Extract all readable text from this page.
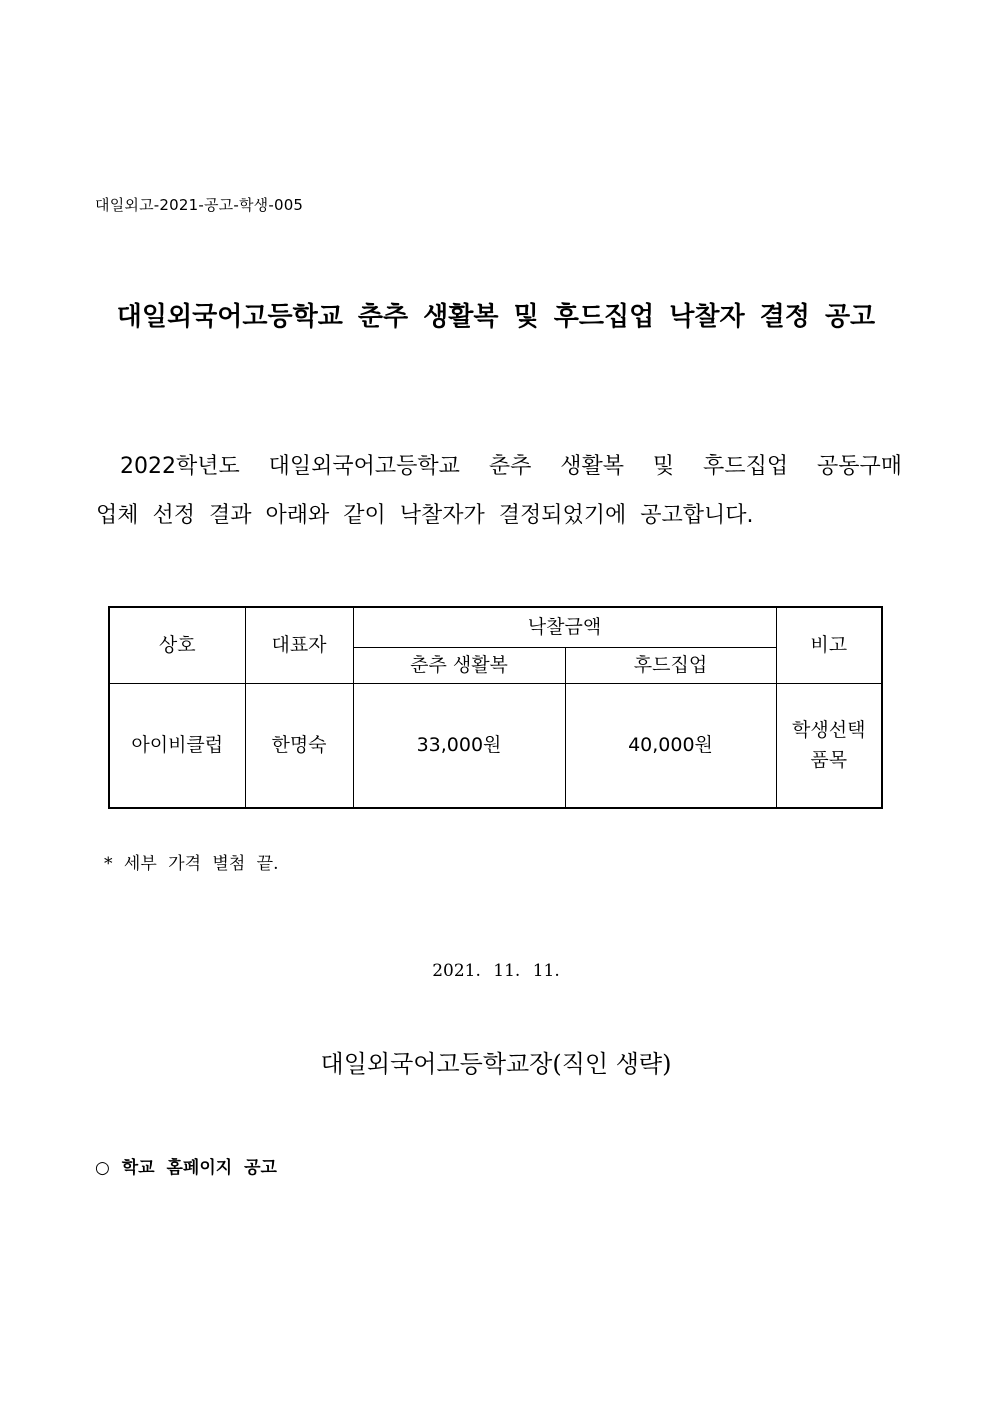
대일외고-2021-공고-학생-005
대일외국어고등학교 춘추 생활복 및 후드집업 낙찰자 결정 공고
2022학년도 대일외국어고등학교 춘추 생활복 및 후드집업 공동구매
업체 선정 결과 아래와 같이 낙찰자가 결정되었기에 공고합니다.
상호	대표자	낙찰금액		비고
		춘추 생활복	후드집업	
아이비클럽	한명숙	33,000원	40,000원	학생선택
품목
* 세부 가격 별첨 끝.
2021. 11. 11.
대일외국어고등학교장(직인 생략)
○ 학교 홈페이지 공고
